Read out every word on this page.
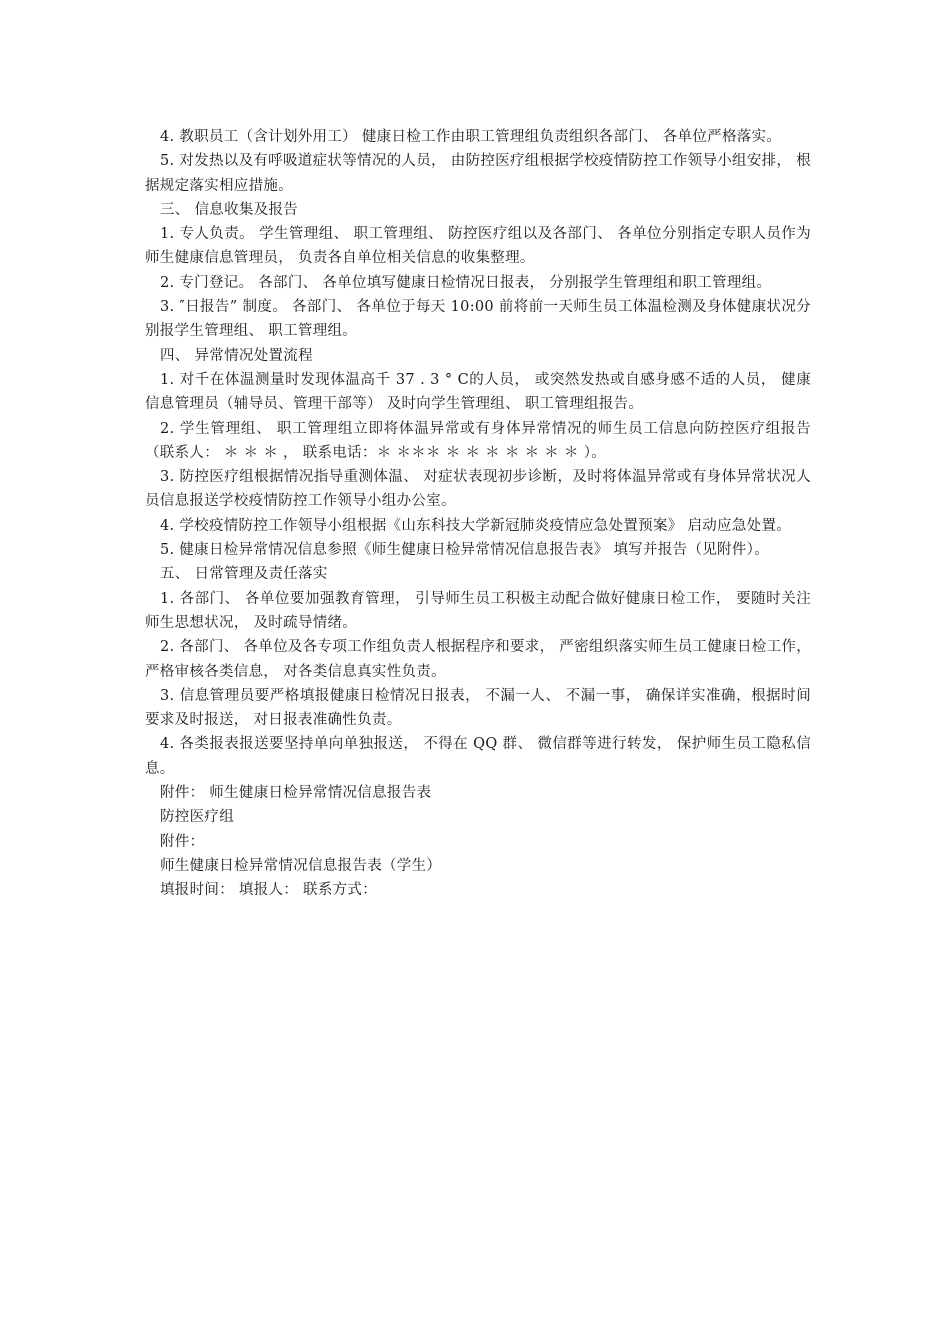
4. 教职员工（含计划外用工） 健康日检工作由职工管理组负责组织各部门、 各单位严格落实。

5. 对发热以及有呼吸道症状等情况的人员， 由防控医疗组根据学校疫情防控工作领导小组安排， 根据规定落实相应措施。

三、 信息收集及报告

1. 专人负责。 学生管理组、 职工管理组、 防控医疗组以及各部门、 各单位分别指定专职人员作为师生健康信息管理员， 负责各自单位相关信息的收集整理。

2. 专门登记。 各部门、 各单位填写健康日检情况日报表， 分别报学生管理组和职工管理组。

3. ″日报告” 制度。 各部门、 各单位于每天 10:00 前将前一天师生员工体温检测及身体健康状况分别报学生管理组、 职工管理组。

四、 异常情况处置流程

1. 对千在体温测量时发现体温高千 37 . 3 ° C的人员， 或突然发热或自感身感不适的人员， 健康信息管理员（辅导员、管理干部等） 及时向学生管理组、 职工管理组报告。

2. 学生管理组、 职工管理组立即将体温异常或有身体异常情况的师生员工信息向防控医疗组报告（联系人： ＊ ＊ ＊ ， 联系电话：＊ ＊＊＊ ＊ ＊ ＊ ＊ ＊ ＊ ＊ ）。

3. 防控医疗组根据情况指导重测体温、 对症状表现初步诊断，及时将体温异常或有身体异常状况人员信息报送学校疫情防控工作领导小组办公室。

4. 学校疫情防控工作领导小组根据《山东科技大学新冠肺炎疫情应急处置预案》 启动应急处置。

5. 健康日检异常情况信息参照《师生健康日检异常情况信息报告表》 填写并报告（见附件）。

五、 日常管理及责任落实

1. 各部门、 各单位要加强教育管理， 引导师生员工积极主动配合做好健康日检工作， 要随时关注师生思想状况， 及时疏导情绪。

2. 各部门、 各单位及各专项工作组负责人根据程序和要求， 严密组织落实师生员工健康日检工作， 严格审核各类信息， 对各类信息真实性负责。

3. 信息管理员要严格填报健康日检情况日报表， 不漏一人、 不漏一事， 确保详实准确，根据时间要求及时报送， 对日报表准确性负责。

4. 各类报表报送要坚持单向单独报送， 不得在 QQ 群、 微信群等进行转发， 保护师生员工隐私信息。

附件： 师生健康日检异常情况信息报告表

防控医疗组

附件：

师生健康日检异常情况信息报告表（学生）

填报时间： 填报人： 联系方式：
